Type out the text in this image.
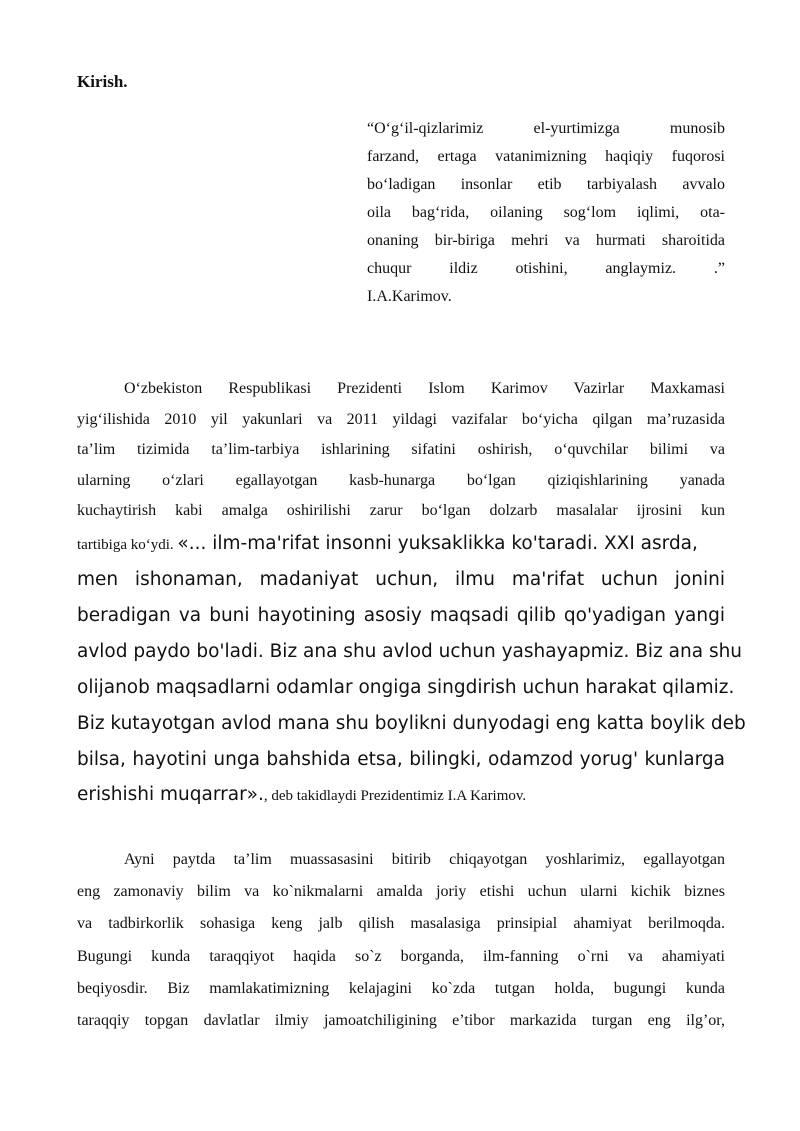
Kirish.
“O‘g‘il-qizlarimiz el-yurtimizga munosib
farzand, ertaga vatanimizning haqiqiy fuqorosi
bo‘ladigan insonlar etib tarbiyalash avvalo
oila bag‘rida, oilaning sog‘lom iqlimi, ota-
onaning bir-biriga mehri va hurmati sharoitida
chuqur ildiz otishini, anglaymiz. .”
I.A.Karimov.
O‘zbekiston Respublikasi Prezidenti Islom Karimov Vazirlar Maxkamasi
yig‘ilishida 2010 yil yakunlari va 2011 yildagi vazifalar bo‘yicha qilgan ma’ruzasida
ta’lim tizimida ta’lim-tarbiya ishlarining sifatini oshirish, o‘quvchilar bilimi va
ularning o‘zlari egallayotgan kasb-hunarga bo‘lgan qiziqishlarining yanada
kuchaytirish kabi amalga oshirilishi zarur bo‘lgan dolzarb masalalar ijrosini kun
tartibiga ko‘ydi. «... ilm-ma'rifat insonni yuksaklikka ko'taradi. XXI asrda,
men ishonaman, madaniyat uchun, ilmu ma'rifat uchun jonini
beradigan va buni hayotining asosiy maqsadi qilib qo'yadigan yangi
avlod paydo bo'ladi. Biz ana shu avlod uchun yashayapmiz. Biz ana shu
olijanob maqsadlarni odamlar ongiga singdirish uchun harakat qilamiz.
Biz kutayotgan avlod mana shu boylikni dunyodagi eng katta boylik deb
bilsa, hayotini unga bahshida etsa, bilingki, odamzod yorug' kunlarga
erishishi muqarrar»., deb takidlaydi Prezidentimiz I.A Karimov.
Ayni paytda ta’lim muassasasini bitirib chiqayotgan yoshlarimiz, egallayotgan
eng zamonaviy bilim va ko`nikmalarni amalda joriy etishi uchun ularni kichik biznes
va tadbirkorlik sohasiga keng jalb qilish masalasiga prinsipial ahamiyat berilmoqda.
Bugungi kunda taraqqiyot haqida so`z borganda, ilm-fanning o`rni va ahamiyati
beqiyosdir. Biz mamlakatimizning kelajagini ko`zda tutgan holda, bugungi kunda
taraqqiy topgan davlatlar ilmiy jamoatchiligining e’tibor markazida turgan eng ilg’or,
